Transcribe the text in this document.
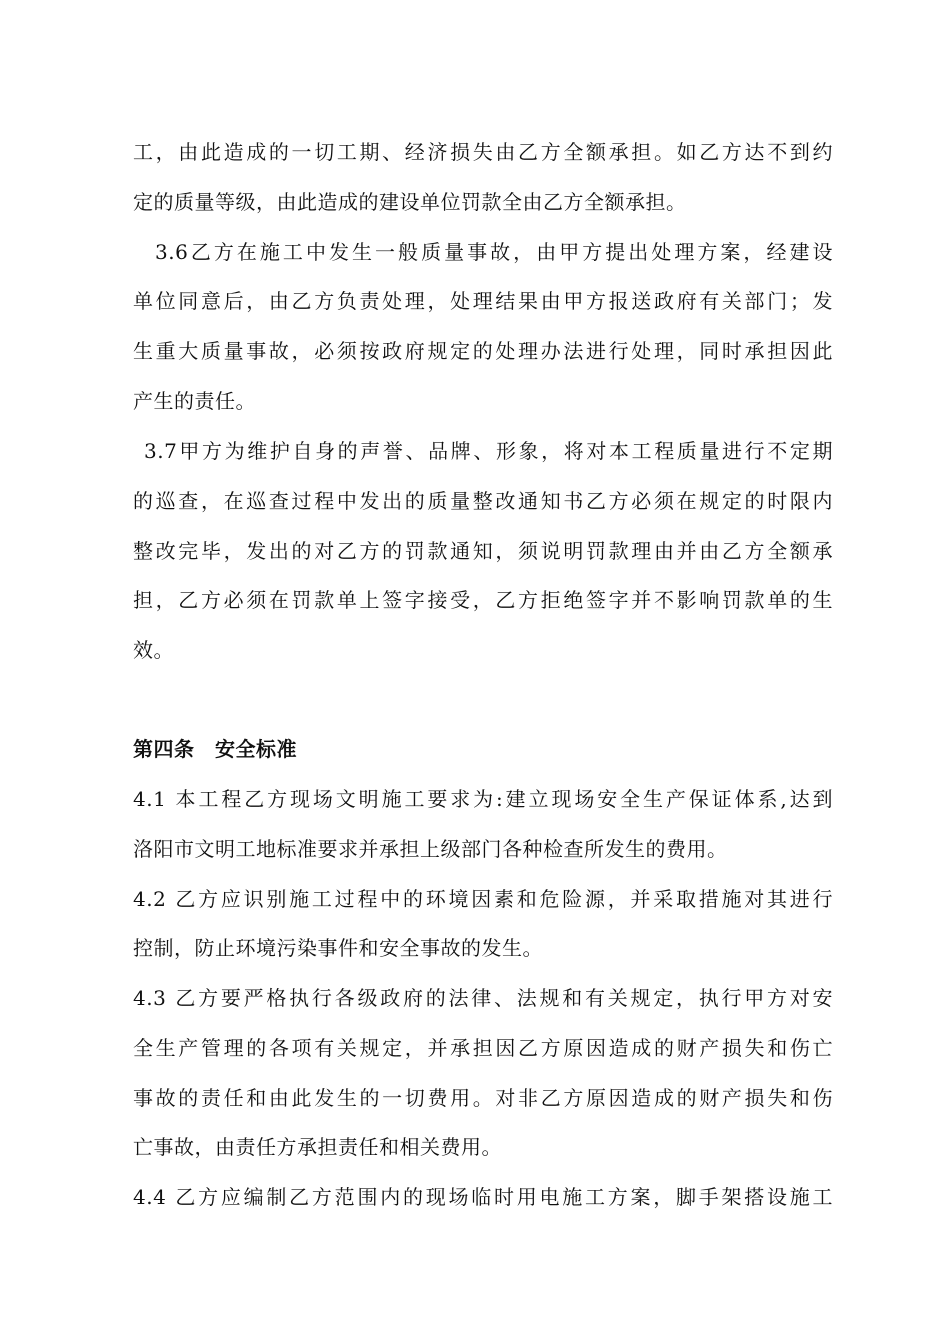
工，由此造成的一切工期、经济损失由乙方全额承担。如乙方达不到约
定的质量等级，由此造成的建设单位罚款全由乙方全额承担。
3.6乙方在施工中发生一般质量事故，由甲方提出处理方案，经建设
单位同意后，由乙方负责处理，处理结果由甲方报送政府有关部门；发
生重大质量事故，必须按政府规定的处理办法进行处理，同时承担因此
产生的责任。
3.7甲方为维护自身的声誉、品牌、形象，将对本工程质量进行不定期
的巡查，在巡查过程中发出的质量整改通知书乙方必须在规定的时限内
整改完毕，发出的对乙方的罚款通知，须说明罚款理由并由乙方全额承
担，乙方必须在罚款单上签字接受，乙方拒绝签字并不影响罚款单的生
效。
第四条　安全标准
4.1 本工程乙方现场文明施工要求为:建立现场安全生产保证体系,达到
洛阳市文明工地标准要求并承担上级部门各种检查所发生的费用。
4.2 乙方应识别施工过程中的环境因素和危险源，并采取措施对其进行
控制，防止环境污染事件和安全事故的发生。
4.3 乙方要严格执行各级政府的法律、法规和有关规定，执行甲方对安
全生产管理的各项有关规定，并承担因乙方原因造成的财产损失和伤亡
事故的责任和由此发生的一切费用。对非乙方原因造成的财产损失和伤
亡事故，由责任方承担责任和相关费用。
4.4 乙方应编制乙方范围内的现场临时用电施工方案，脚手架搭设施工
